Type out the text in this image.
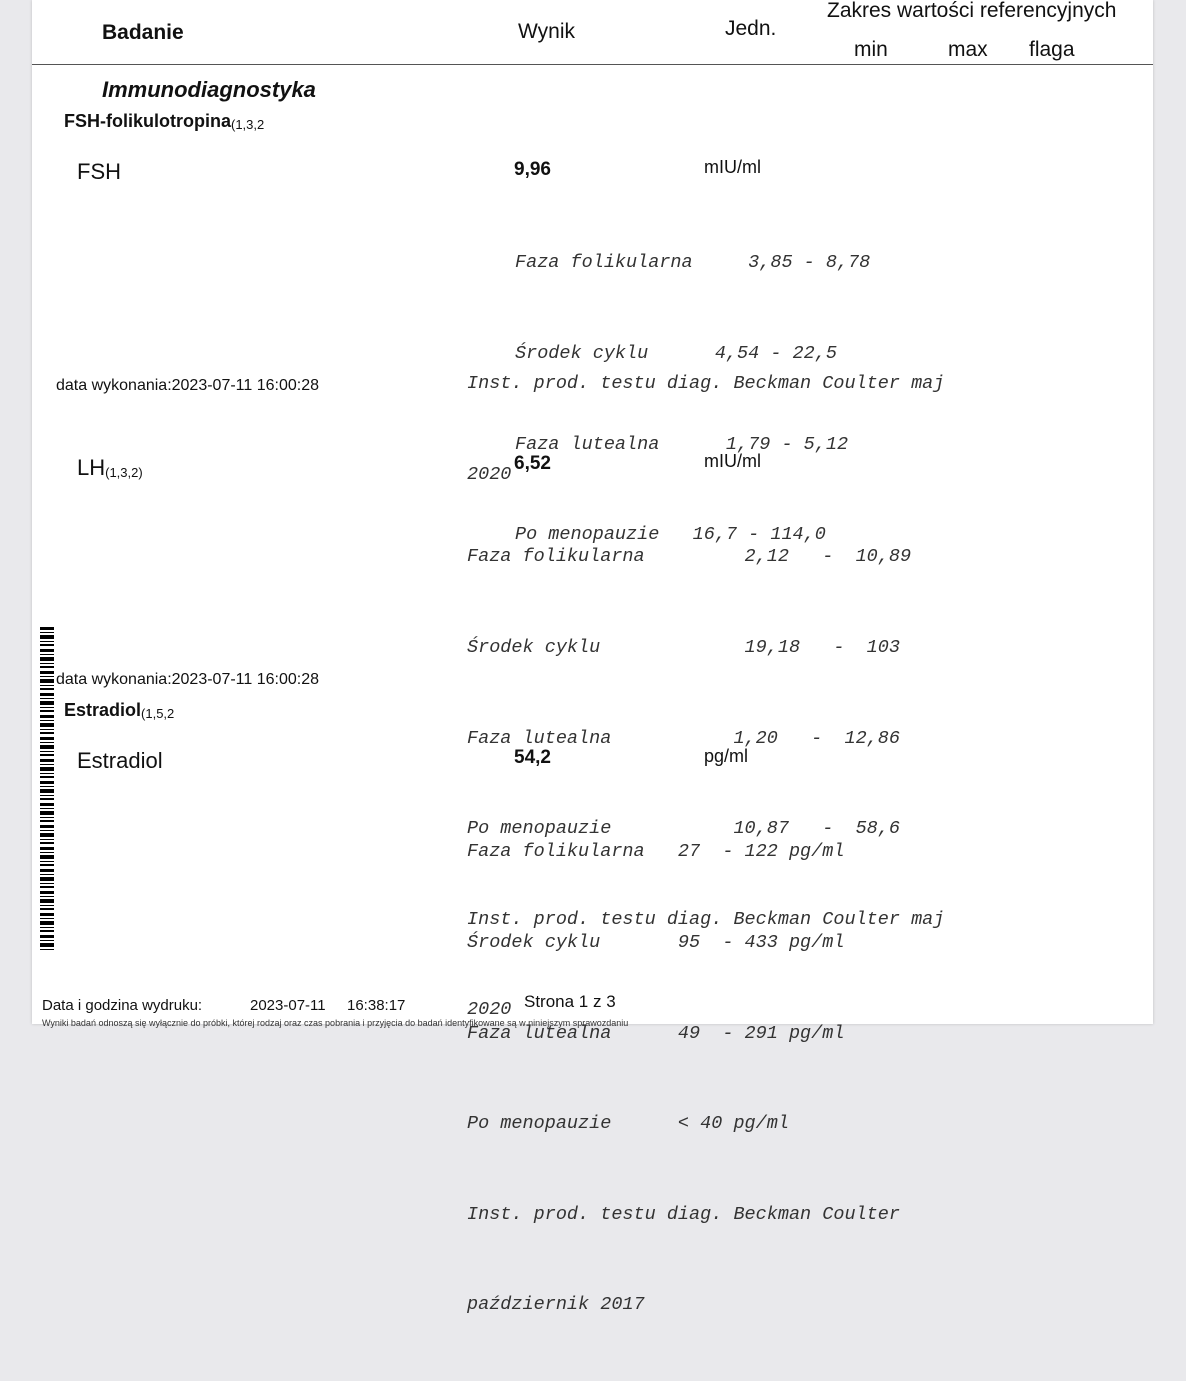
Badanie	Wynik	Jedn.
Zakres wartości referencyjnych
min	max flaga
Immunodiagnostyka
FSH-folikulotropina$_{(1,3,2}$
FSH	9,96	mIU/ml

Faza folikularna     3,85 - 8,78

Środek cyklu      4,54 - 22,5

Faza lutealna      1,79 - 5,12

Po menopauzie   16,7 - 114,0

Inst. prod. testu diag. Beckman Coulter maj

2020

data wykonania:2023-07-11 16:00:28
$LH_{(1,3,2)}$	6,52	mIU/ml

Faza folikularna         2,12   -  10,89

Środek cyklu             19,18   -  103

Faza lutealna           1,20   -  12,86

Po menopauzie           10,87   -  58,6

Inst. prod. testu diag. Beckman Coulter maj

2020

data wykonania:2023-07-11 16:00:28
Estradiol$_{(1,5,2}$
Estradiol	54,2	pg/ml

Faza folikularna   27  - 122 pg/ml

Środek cyklu       95  - 433 pg/ml

Faza lutealna      49  - 291 pg/ml

Po menopauzie      < 40 pg/ml

Inst. prod. testu diag. Beckman Coulter

październik 2017

Data i godzina wydruku:	2023-07-11 16:38:17	Strona 1 z 3
Wyniki badań odnoszą się wyłącznie do próbki, której rodzaj oraz czas pobrania i przyjęcia do badań identyfikowane są w niniejszym sprawozdaniu
